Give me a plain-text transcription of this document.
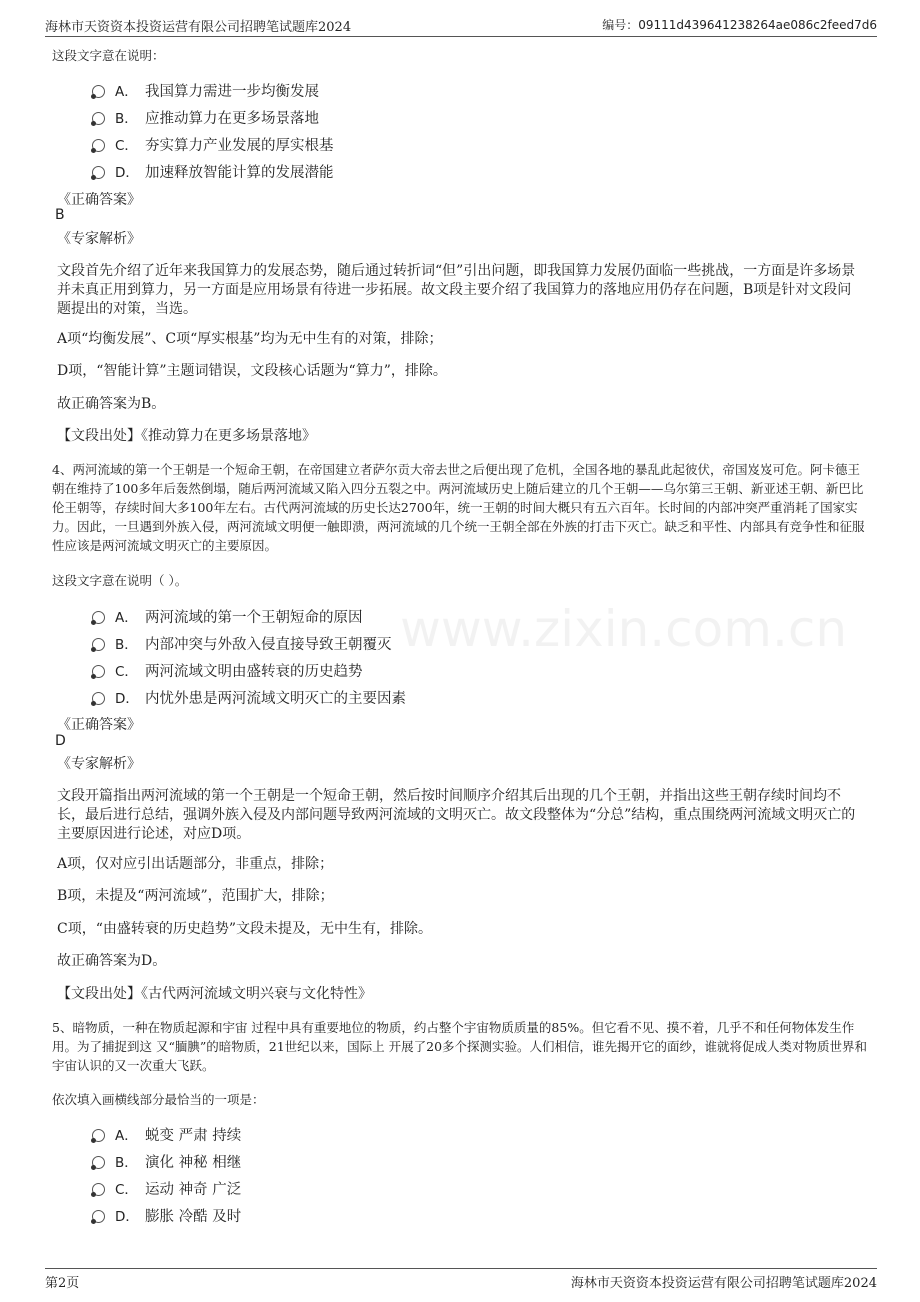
海林市天资资本投资运营有限公司招聘笔试题库2024	编号：09111d439641238264ae086c2feed7d6
www.zixin.com.cn
这段文字意在说明：
A． 我国算力需进一步均衡发展
B． 应推动算力在更多场景落地
C． 夯实算力产业发展的厚实根基
D． 加速释放智能计算的发展潜能
《正确答案》
B
《专家解析》
文段首先介绍了近年来我国算力的发展态势，随后通过转折词“但”引出问题，即我国算力发展仍面临一些挑战，一方面是许多场景并未真正用到算力，另一方面是应用场景有待进一步拓展。故文段主要介绍了我国算力的落地应用仍存在问题，B项是针对文段问题提出的对策，当选。
A项“均衡发展”、C项“厚实根基”均为无中生有的对策，排除；
D项，“智能计算”主题词错误，文段核心话题为“算力”，排除。
故正确答案为B。
【文段出处】《推动算力在更多场景落地》
4、两河流域的第一个王朝是一个短命王朝，在帝国建立者萨尔贡大帝去世之后便出现了危机，全国各地的暴乱此起彼伏，帝国岌岌可危。阿卡德王朝在维持了100多年后轰然倒塌，随后两河流域又陷入四分五裂之中。两河流域历史上随后建立的几个王朝——乌尔第三王朝、新亚述王朝、新巴比伦王朝等，存续时间大多100年左右。古代两河流域的历史长达2700年，统一王朝的时间大概只有五六百年。长时间的内部冲突严重消耗了国家实力。因此，一旦遇到外族入侵，两河流域文明便一触即溃，两河流域的几个统一王朝全部在外族的打击下灭亡。缺乏和平性、内部具有竞争性和征服性应该是两河流域文明灭亡的主要原因。
这段文字意在说明（ ）。
A． 两河流域的第一个王朝短命的原因
B． 内部冲突与外敌入侵直接导致王朝覆灭
C． 两河流域文明由盛转衰的历史趋势
D． 内忧外患是两河流域文明灭亡的主要因素
《正确答案》
D
《专家解析》
文段开篇指出两河流域的第一个王朝是一个短命王朝，然后按时间顺序介绍其后出现的几个王朝，并指出这些王朝存续时间均不长，最后进行总结，强调外族入侵及内部问题导致两河流域的文明灭亡。故文段整体为“分总”结构，重点围绕两河流域文明灭亡的主要原因进行论述，对应D项。
A项，仅对应引出话题部分，非重点，排除；
B项，未提及“两河流域”，范围扩大，排除；
C项，“由盛转衰的历史趋势”文段未提及，无中生有，排除。
故正确答案为D。
【文段出处】《古代两河流域文明兴衰与文化特性》
5、暗物质，一种在物质起源和宇宙 过程中具有重要地位的物质，约占整个宇宙物质质量的85%。但它看不见、摸不着，几乎不和任何物体发生作用。为了捕捉到这 又“腼腆”的暗物质，21世纪以来，国际上 开展了20多个探测实验。人们相信，谁先揭开它的面纱，谁就将促成人类对物质世界和宇宙认识的又一次重大飞跃。
依次填入画横线部分最恰当的一项是：
A． 蜕变 严肃 持续
B． 演化 神秘 相继
C． 运动 神奇 广泛
D． 膨胀 冷酷 及时
第2页	海林市天资资本投资运营有限公司招聘笔试题库2024
